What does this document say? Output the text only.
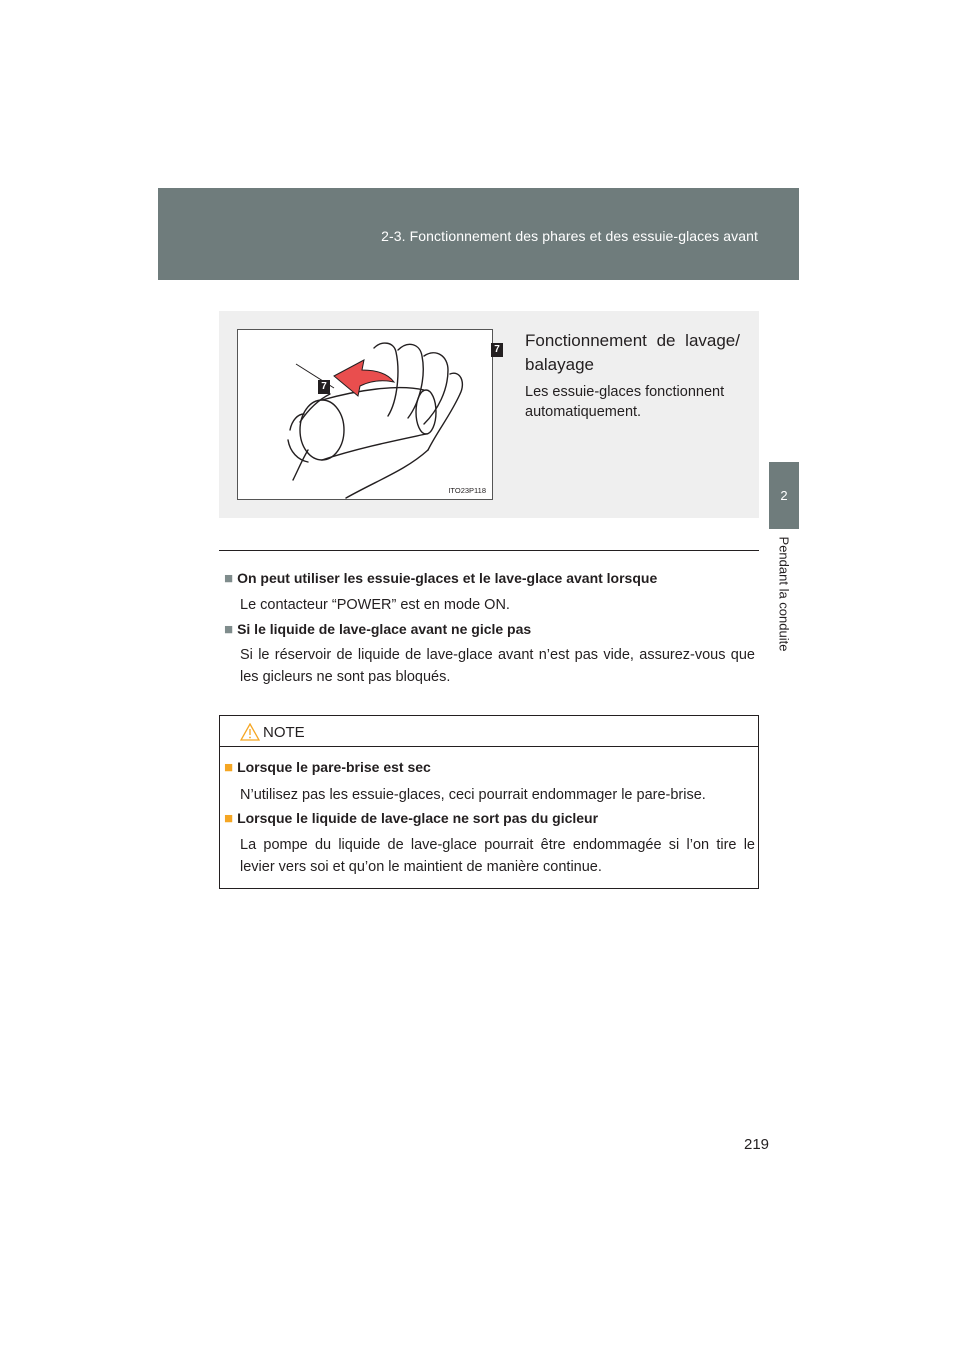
2-3. Fonctionnement des phares et des essuie-glaces avant
2
Pendant la conduite
7
ITO23P118
7 Fonctionnement de lavage/ balayage
Les essuie-glaces fonctionnent automatiquement.
■ On peut utiliser les essuie-glaces et le lave-glace avant lorsque
Le contacteur “POWER” est en mode ON.
■ Si le liquide de lave-glace avant ne gicle pas
Si le réservoir de liquide de lave-glace avant n’est pas vide, assurez-vous que les gicleurs ne sont pas bloqués.
NOTE
■ Lorsque le pare-brise est sec
N’utilisez pas les essuie-glaces, ceci pourrait endommager le pare-brise.
■ Lorsque le liquide de lave-glace ne sort pas du gicleur
La pompe du liquide de lave-glace pourrait être endommagée si l’on tire le levier vers soi et qu’on le maintient de manière continue.
219
